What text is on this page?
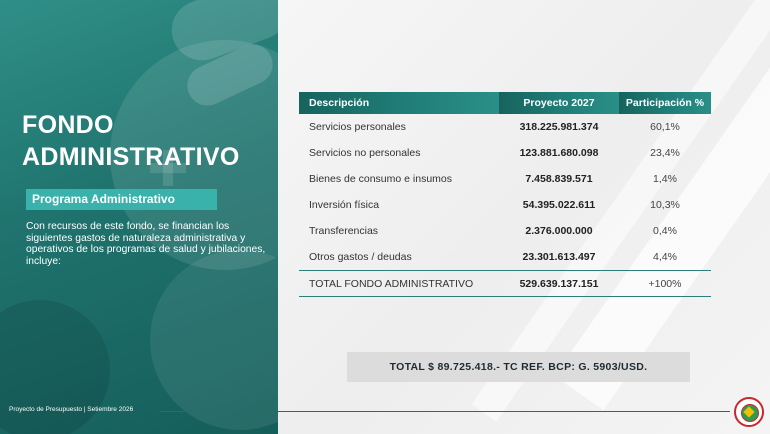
FONDO
ADMINISTRATIVO
Programa Administrativo
Con recursos de este fondo, se financian los siguientes gastos de naturaleza administrativa y operativos de los programas de salud y jubilaciones, incluye:
Descripción	Proyecto 2027	Participación %
Servicios personales	318.225.981.374	60,1%
Servicios no personales	123.881.680.098	23,4%
Bienes de consumo e insumos	7.458.839.571	1,4%
Inversión física	54.395.022.611	10,3%
Transferencias	2.376.000.000	0,4%
Otros gastos / deudas	23.301.613.497	4,4%
TOTAL FONDO ADMINISTRATIVO	529.639.137.151	+100%
TOTAL $ 89.725.418.- TC REF. BCP: G. 5903/USD.
Proyecto de Presupuesto | Setiembre 2026
